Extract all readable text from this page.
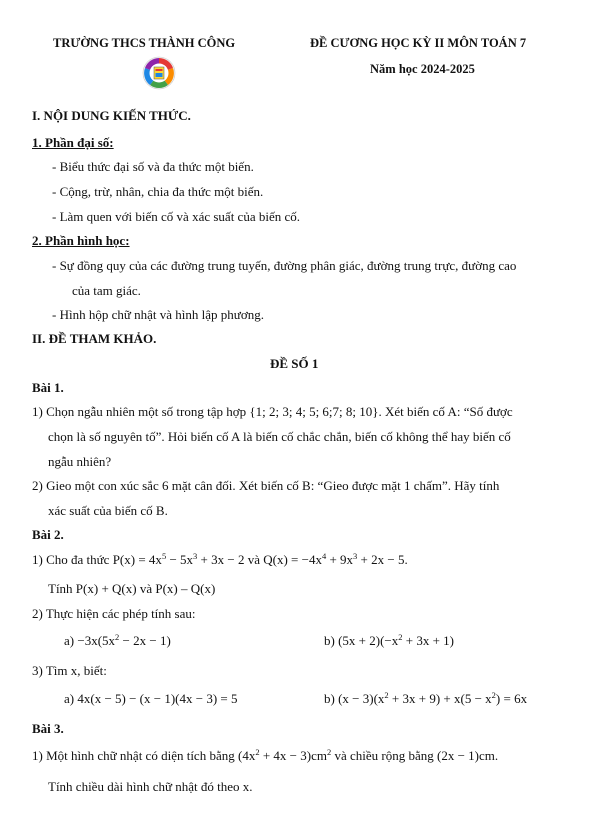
TRƯỜNG THCS THÀNH CÔNG	ĐỀ CƯƠNG HỌC KỲ II MÔN TOÁN 7
Năm học 2024-2025
I. NỘI DUNG KIẾN THỨC.
1. Phần đại số:
- Biểu thức đại số và đa thức một biến.
- Cộng, trừ, nhân, chia đa thức một biến.
- Làm quen với biến cố và xác suất của biến cố.
2. Phần hình học:
- Sự đồng quy của các đường trung tuyến, đường phân giác, đường trung trực, đường cao
của tam giác.
- Hình hộp chữ nhật và hình lập phương.
II. ĐỀ THAM KHẢO.
ĐỀ SỐ 1
Bài 1.
1) Chọn ngẫu nhiên một số trong tập hợp {1; 2; 3; 4; 5; 6;7; 8; 10}. Xét biến cố A: “Số được
chọn là số nguyên tố”. Hỏi biến cố A là biến cố chắc chắn, biến cố không thể hay biến cố
ngẫu nhiên?
2) Gieo một con xúc sắc 6 mặt cân đối. Xét biến cố B: “Gieo được mặt 1 chấm”. Hãy tính
xác suất của biến cố B.
Bài 2.
1) Cho đa thức $P(x) = 4x^5 - 5x^3 + 3x - 2$ và $Q(x) = -4x^4 + 9x^3 + 2x - 5$.
Tính P(x) + Q(x) và P(x) – Q(x)
2) Thực hiện các phép tính sau:
$a) -3x(5x^2 - 2x - 1)$	b) $(5x + 2)(-x^2 + 3x + 1)$
3) Tìm x, biết:
a) 4x(x − 5) − (x − 1)(4x − 3) = 5	b) $(x - 3)(x^2 + 3x + 9) + x(5 - x^2) = 6x$
Bài 3.
1) Một hình chữ nhật có diện tích bằng $(4x^2 + 4x - 3)cm^2$ và chiều rộng bằng (2x − 1)cm.
Tính chiều dài hình chữ nhật đó theo x.
